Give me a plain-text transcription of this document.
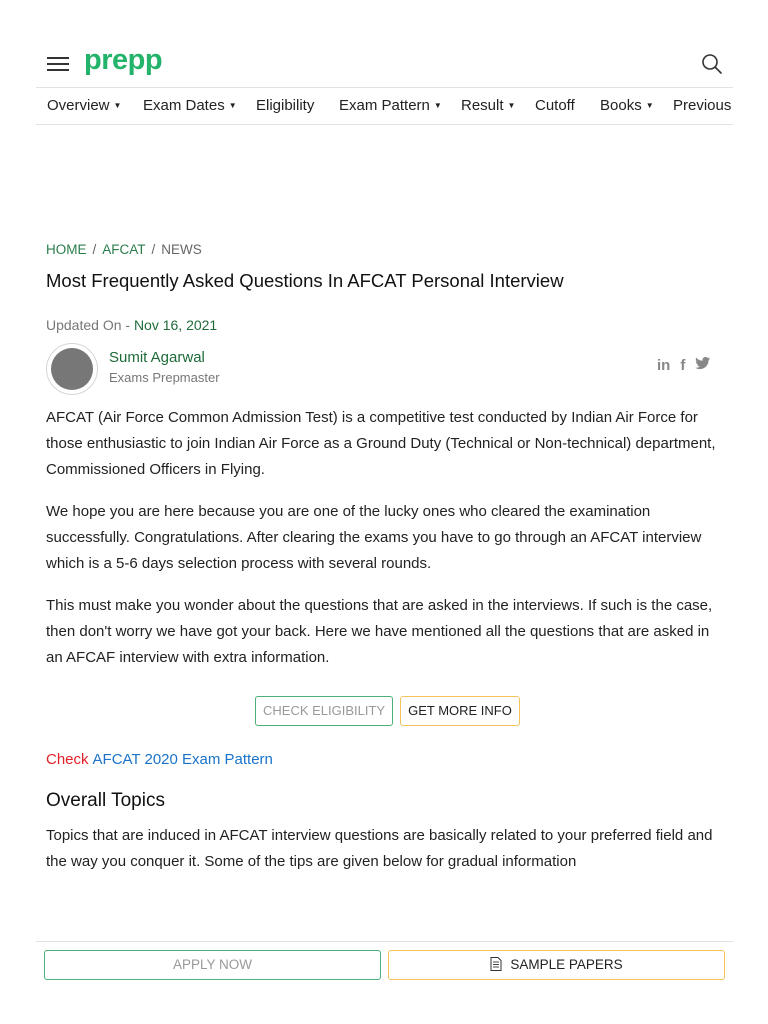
prepp
Overview ▼ Exam Dates ▼ Eligibility Exam Pattern ▼ Result ▼ Cutoff Books ▼ Previous
HOME / AFCAT / NEWS
Most Frequently Asked Questions In AFCAT Personal Interview
Updated On - Nov 16, 2021
Sumit Agarwal
Exams Prepmaster
in f

AFCAT (Air Force Common Admission Test) is a competitive test conducted by Indian Air Force for those enthusiastic to join Indian Air Force as a Ground Duty (Technical or Non-technical) department, Commissioned Officers in Flying.

We hope you are here because you are one of the lucky ones who cleared the examination successfully. Congratulations. After clearing the exams you have to go through an AFCAT interview which is a 5-6 days selection process with several rounds.

This must make you wonder about the questions that are asked in the interviews. If such is the case, then don't worry we have got your back. Here we have mentioned all the questions that are asked in an AFCAF interview with extra information.

CHECK ELIGIBILITY	GET MORE INFO
Check AFCAT 2020 Exam Pattern
Overall Topics

Topics that are induced in AFCAT interview questions are basically related to your preferred field and the way you conquer it. Some of the tips are given below for gradual information

APPLY NOW	SAMPLE PAPERS
